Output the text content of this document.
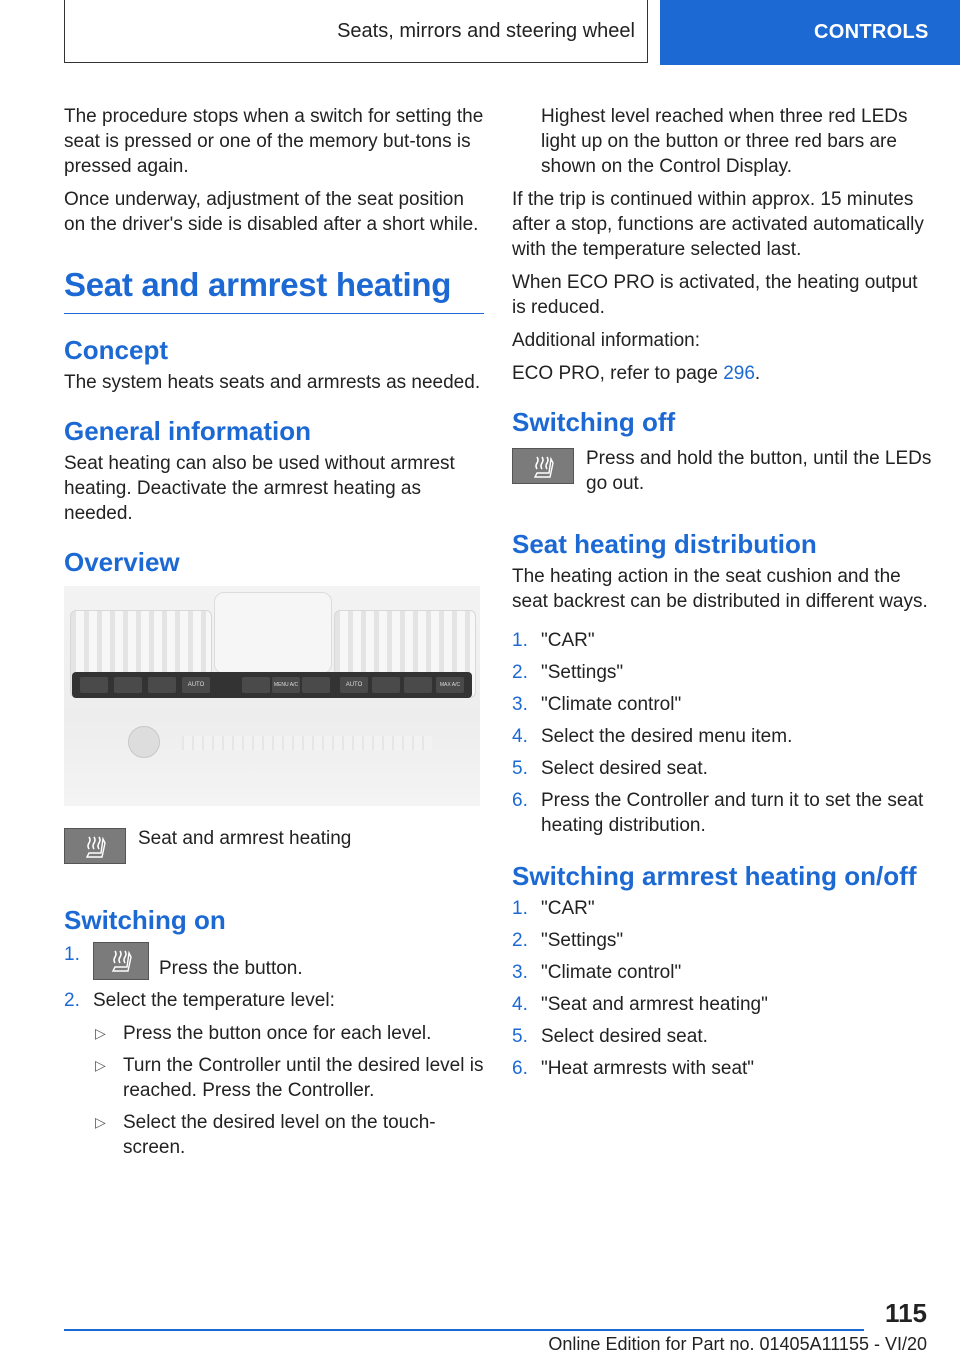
Seats, mirrors and steering wheel	CONTROLS

The procedure stops when a switch for setting the seat is pressed or one of the memory but-tons is pressed again.

Once underway, adjustment of the seat position on the driver's side is disabled after a short while.

Seat and armrest heating
Concept

The system heats seats and armrests as needed.

General information

Seat heating can also be used without armrest heating. Deactivate the armrest heating as needed.

Overview
AUTO	MENU A/C	AUTO	MAX A/C
Seat and armrest heating
Switching on
1.
Press the button.
2. Select the temperature level:
▷ Press the button once for each level.
▷ Turn the Controller until the desired level is reached. Press the Controller.
▷ Select the desired level on the touch-screen.

Highest level reached when three red LEDs light up on the button or three red bars are shown on the Control Display.

If the trip is continued within approx. 15 minutes after a stop, functions are activated automatically with the temperature selected last.

When ECO PRO is activated, the heating output is reduced.

Additional information:

ECO PRO, refer to page 296.

Switching off
Press and hold the button, until the LEDs go out.
Seat heating distribution

The heating action in the seat cushion and the seat backrest can be distributed in different ways.

1. "CAR"
2. "Settings"
3. "Climate control"
4. Select the desired menu item.
5. Select desired seat.
6. Press the Controller and turn it to set the seat heating distribution.
Switching armrest heating on/off
1. "CAR"
2. "Settings"
3. "Climate control"
4. "Seat and armrest heating"
5. Select desired seat.
6. "Heat armrests with seat"
115
Online Edition for Part no. 01405A11155 - VI/20
